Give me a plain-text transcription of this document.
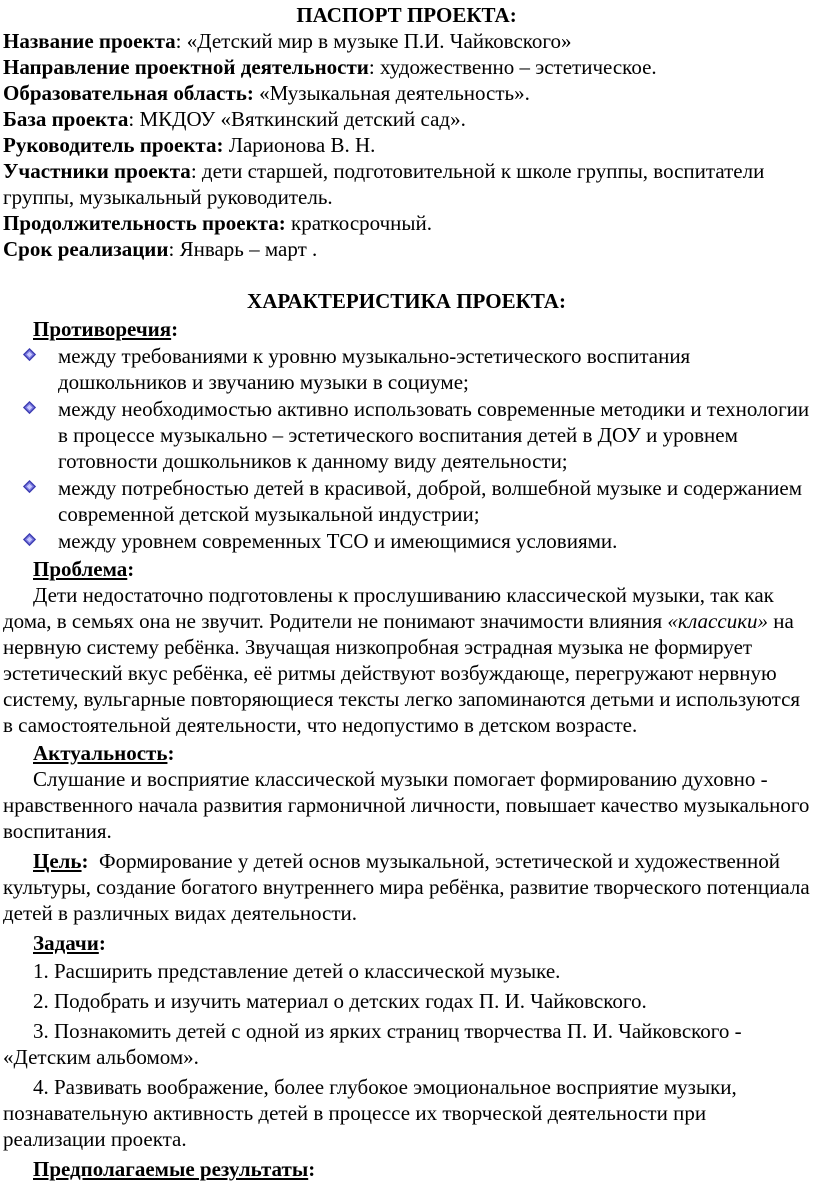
ПАСПОРТ ПРОЕКТА:

Название проекта: «Детский мир в музыке П.И. Чайковского»

Направление проектной деятельности: художественно – эстетическое.

Образовательная область: «Музыкальная деятельность».

База проекта: МКДОУ «Вяткинский детский сад».

Руководитель проекта: Ларионова В. Н.

Участники проекта: дети старшей, подготовительной к школе группы, воспитатели группы, музыкальный руководитель.

Продолжительность проекта: краткосрочный.

Срок реализации: Январь – март .

ХАРАКТЕРИСТИКА ПРОЕКТА:

Противоречия:

между требованиями к уровню музыкально-эстетического воспитания дошкольников и звучанию музыки в социуме;
между необходимостью активно использовать современные методики и технологии в процессе музыкально – эстетического воспитания детей в ДОУ и уровнем готовности дошкольников к данному виду деятельности;
между потребностью детей в красивой, доброй, волшебной музыке и содержанием современной детской музыкальной индустрии;
между уровнем современных ТСО и имеющимися условиями.

Проблема:

Дети недостаточно подготовлены к прослушиванию классической музыки, так как дома, в семьях она не звучит. Родители не понимают значимости влияния «классики» на нервную систему ребёнка. Звучащая низкопробная эстрадная музыка не формирует эстетический вкус ребёнка, её ритмы действуют возбуждающе, перегружают нервную систему, вульгарные повторяющиеся тексты легко запоминаются детьми и используются в самостоятельной деятельности, что недопустимо в детском возрасте.

Актуальность:

Слушание и восприятие классической музыки помогает формированию духовно - нравственного начала развития гармоничной личности, повышает качество музыкального воспитания.

Цель: Формирование у детей основ музыкальной, эстетической и художественной культуры, создание богатого внутреннего мира ребёнка, развитие творческого потенциала детей в различных видах деятельности.

Задачи:

1. Расширить представление детей о классической музыке.

2. Подобрать и изучить материал о детских годах П. И. Чайковского.

3. Познакомить детей с одной из ярких страниц творчества П. И. Чайковского - «Детским альбомом».

4. Развивать воображение, более глубокое эмоциональное восприятие музыки, познавательную активность детей в процессе их творческой деятельности при реализации проекта.

Предполагаемые результаты:
